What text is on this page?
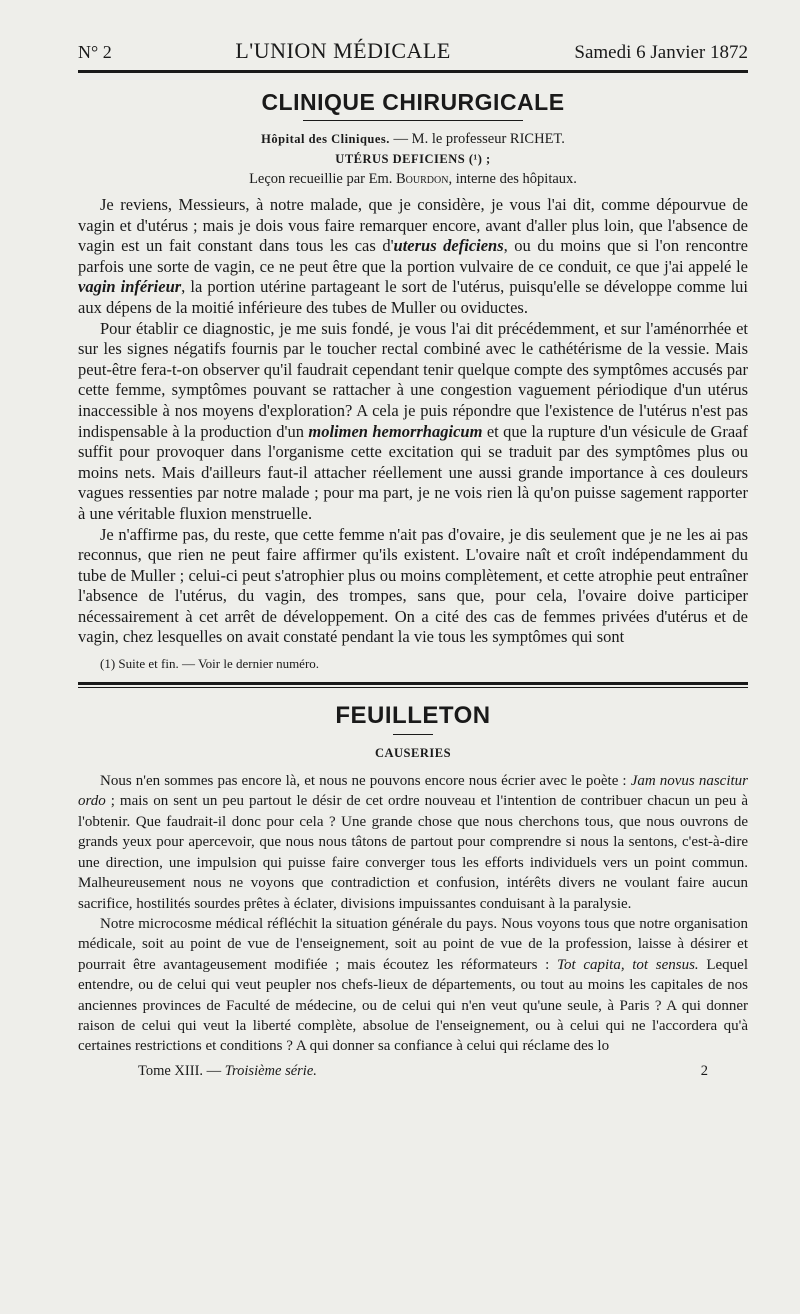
N° 2	L'UNION MÉDICALE	Samedi 6 Janvier 1872
CLINIQUE CHIRURGICALE
Hôpital des Cliniques. — M. le professeur RICHET.
UTÉRUS DEFICIENS (¹) ;
Leçon recueillie par Em. Bourdon, interne des hôpitaux.

Je reviens, Messieurs, à notre malade, que je considère, je vous l'ai dit, comme dépourvue de vagin et d'utérus ; mais je dois vous faire remarquer encore, avant d'aller plus loin, que l'absence de vagin est un fait constant dans tous les cas d'uterus deficiens, ou du moins que si l'on rencontre parfois une sorte de vagin, ce ne peut être que la portion vulvaire de ce conduit, ce que j'ai appelé le vagin inférieur, la portion utérine partageant le sort de l'utérus, puisqu'elle se développe comme lui aux dépens de la moitié inférieure des tubes de Muller ou oviductes.

Pour établir ce diagnostic, je me suis fondé, je vous l'ai dit précédemment, et sur l'aménorrhée et sur les signes négatifs fournis par le toucher rectal combiné avec le cathétérisme de la vessie. Mais peut-être fera-t-on observer qu'il faudrait cependant tenir quelque compte des symptômes accusés par cette femme, symptômes pouvant se rattacher à une congestion vaguement périodique d'un utérus inaccessible à nos moyens d'exploration? A cela je puis répondre que l'existence de l'utérus n'est pas indispensable à la production d'un molimen hemorrhagicum et que la rupture d'un vésicule de Graaf suffit pour provoquer dans l'organisme cette excitation qui se traduit par des symptômes plus ou moins nets. Mais d'ailleurs faut-il attacher réellement une aussi grande importance à ces douleurs vagues ressenties par notre malade ; pour ma part, je ne vois rien là qu'on puisse sagement rapporter à une véritable fluxion menstruelle.

Je n'affirme pas, du reste, que cette femme n'ait pas d'ovaire, je dis seulement que je ne les ai pas reconnus, que rien ne peut faire affirmer qu'ils existent. L'ovaire naît et croît indépendamment du tube de Muller ; celui-ci peut s'atrophier plus ou moins complètement, et cette atrophie peut entraîner l'absence de l'utérus, du vagin, des trompes, sans que, pour cela, l'ovaire doive participer nécessairement à cet arrêt de développement. On a cité des cas de femmes privées d'utérus et de vagin, chez lesquelles on avait constaté pendant la vie tous les symptômes qui sont

(1) Suite et fin. — Voir le dernier numéro.
FEUILLETON
CAUSERIES

Nous n'en sommes pas encore là, et nous ne pouvons encore nous écrier avec le poète : Jam novus nascitur ordo ; mais on sent un peu partout le désir de cet ordre nouveau et l'intention de contribuer chacun un peu à l'obtenir. Que faudrait-il donc pour cela ? Une grande chose que nous cherchons tous, que nous ouvrons de grands yeux pour apercevoir, que nous nous tâtons de partout pour comprendre si nous la sentons, c'est-à-dire une direction, une impulsion qui puisse faire converger tous les efforts individuels vers un point commun. Malheureusement nous ne voyons que contradiction et confusion, intérêts divers ne voulant faire aucun sacrifice, hostilités sourdes prêtes à éclater, divisions impuissantes conduisant à la paralysie.

Notre microcosme médical réfléchit la situation générale du pays. Nous voyons tous que notre organisation médicale, soit au point de vue de l'enseignement, soit au point de vue de la profession, laisse à désirer et pourrait être avantageusement modifiée ; mais écoutez les réformateurs : Tot capita, tot sensus. Lequel entendre, ou de celui qui veut peupler nos chefs-lieux de départements, ou tout au moins les capitales de nos anciennes provinces de Faculté de médecine, ou de celui qui n'en veut qu'une seule, à Paris ? A qui donner raison de celui qui veut la liberté complète, absolue de l'enseignement, ou à celui qui ne l'accordera qu'à certaines restrictions et conditions ? A qui donner sa confiance à celui qui réclame des lo

Tome XIII. — Troisième série.	2
